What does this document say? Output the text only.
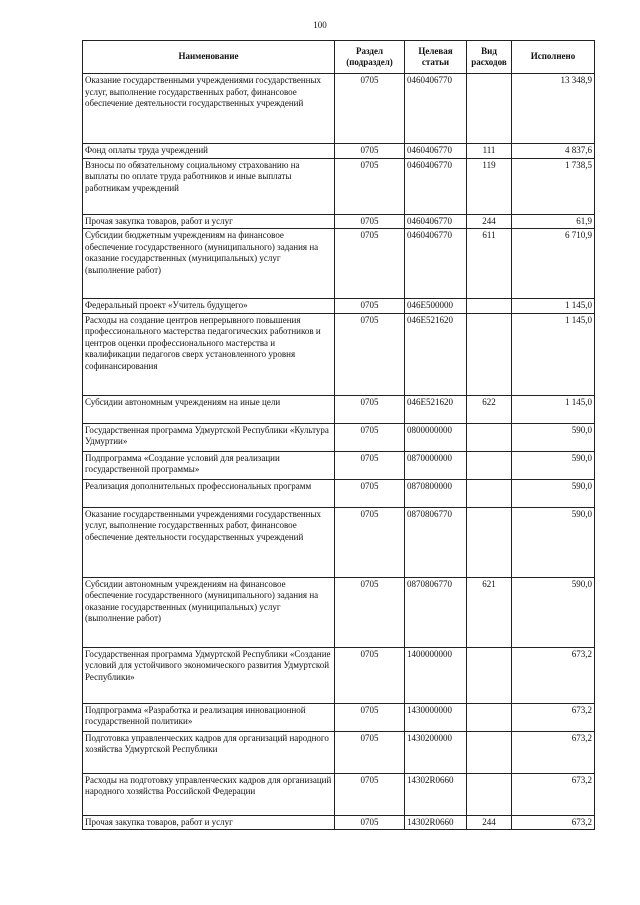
100
Наименование	Раздел (подраздел)	Целевая статьи	Вид расходов	Исполнено
Оказание государственными учреждениями государственных услуг, выполнение государственных работ, финансовое обеспечение деятельности государственных учреждений	0705	0460406770		13 348,9
Фонд оплаты труда учреждений	0705	0460406770	111	4 837,6
Взносы по обязательному социальному страхованию на выплаты по оплате труда работников и иные выплаты работникам учреждений	0705	0460406770	119	1 738,5
Прочая закупка товаров, работ и услуг	0705	0460406770	244	61,9
Субсидии бюджетным учреждениям на финансовое обеспечение государственного (муниципального) задания на оказание государственных (муниципальных) услуг (выполнение работ)	0705	0460406770	611	6 710,9
Федеральный проект «Учитель будущего»	0705	046E500000		1 145,0
Расходы на создание центров непрерывного повышения профессионального мастерства педагогических работников и центров оценки профессионального мастерства и квалификации педагогов сверх установленного уровня софинансирования	0705	046E521620		1 145,0
Субсидии автономным учреждениям на иные цели	0705	046E521620	622	1 145,0
Государственная программа Удмуртской Республики «Культура Удмуртии»	0705	0800000000		590,0
Подпрограмма «Создание условий для реализации государственной программы»	0705	0870000000		590,0
Реализация дополнительных профессиональных программ	0705	0870800000		590,0
Оказание государственными учреждениями государственных услуг, выполнение государственных работ, финансовое обеспечение деятельности государственных учреждений	0705	0870806770		590,0
Субсидии автономным учреждениям на финансовое обеспечение государственного (муниципального) задания на оказание государственных (муниципальных) услуг (выполнение работ)	0705	0870806770	621	590,0
Государственная программа Удмуртской Республики «Создание условий для устойчивого экономического развития Удмуртской Республики»	0705	1400000000		673,2
Подпрограмма «Разработка и реализация инновационной государственной политики»	0705	1430000000		673,2
Подготовка управленческих кадров для организаций народного хозяйства Удмуртской Республики	0705	1430200000		673,2
Расходы на подготовку управленческих кадров для организаций народного хозяйства Российской Федерации	0705	14302R0660		673,2
Прочая закупка товаров, работ и услуг	0705	14302R0660	244	673,2
